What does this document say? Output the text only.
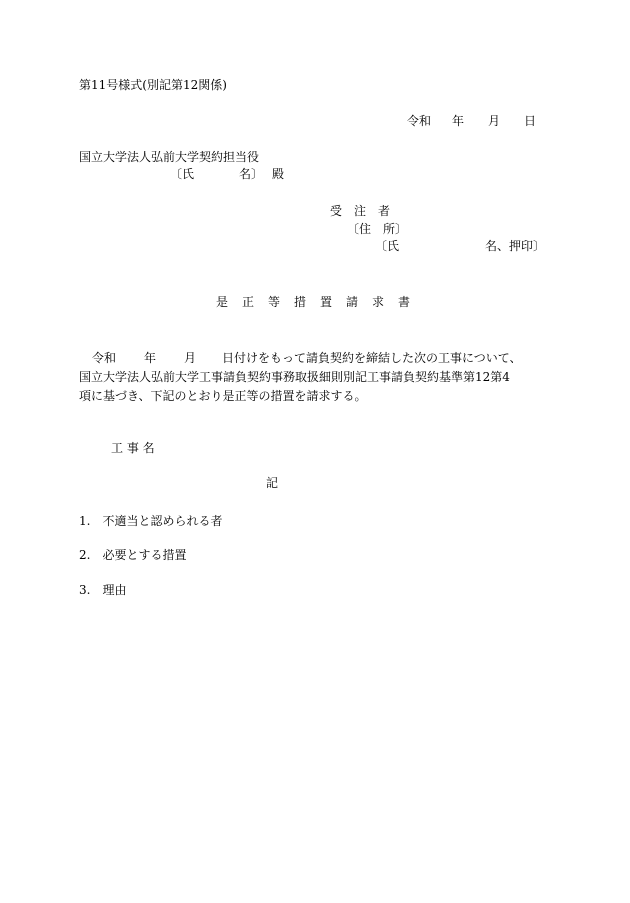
第11号様式(別記第12関係)
令和 年 月 日
国立大学法人弘前大学契約担当役
〔氏	名〕 殿
受　注　者
〔住　所〕
〔氏	名、押印〕
是 正 等 措 置 請 求 書
令和 年 月 日付けをもって請負契約を締結した次の工事について、
国立大学法人弘前大学工事請負契約事務取扱細則別記工事請負契約基準第12第4
項に基づき、下記のとおり是正等の措置を請求する。
工 事 名
記
1.　不適当と認められる者
2.　必要とする措置
3.　理由
